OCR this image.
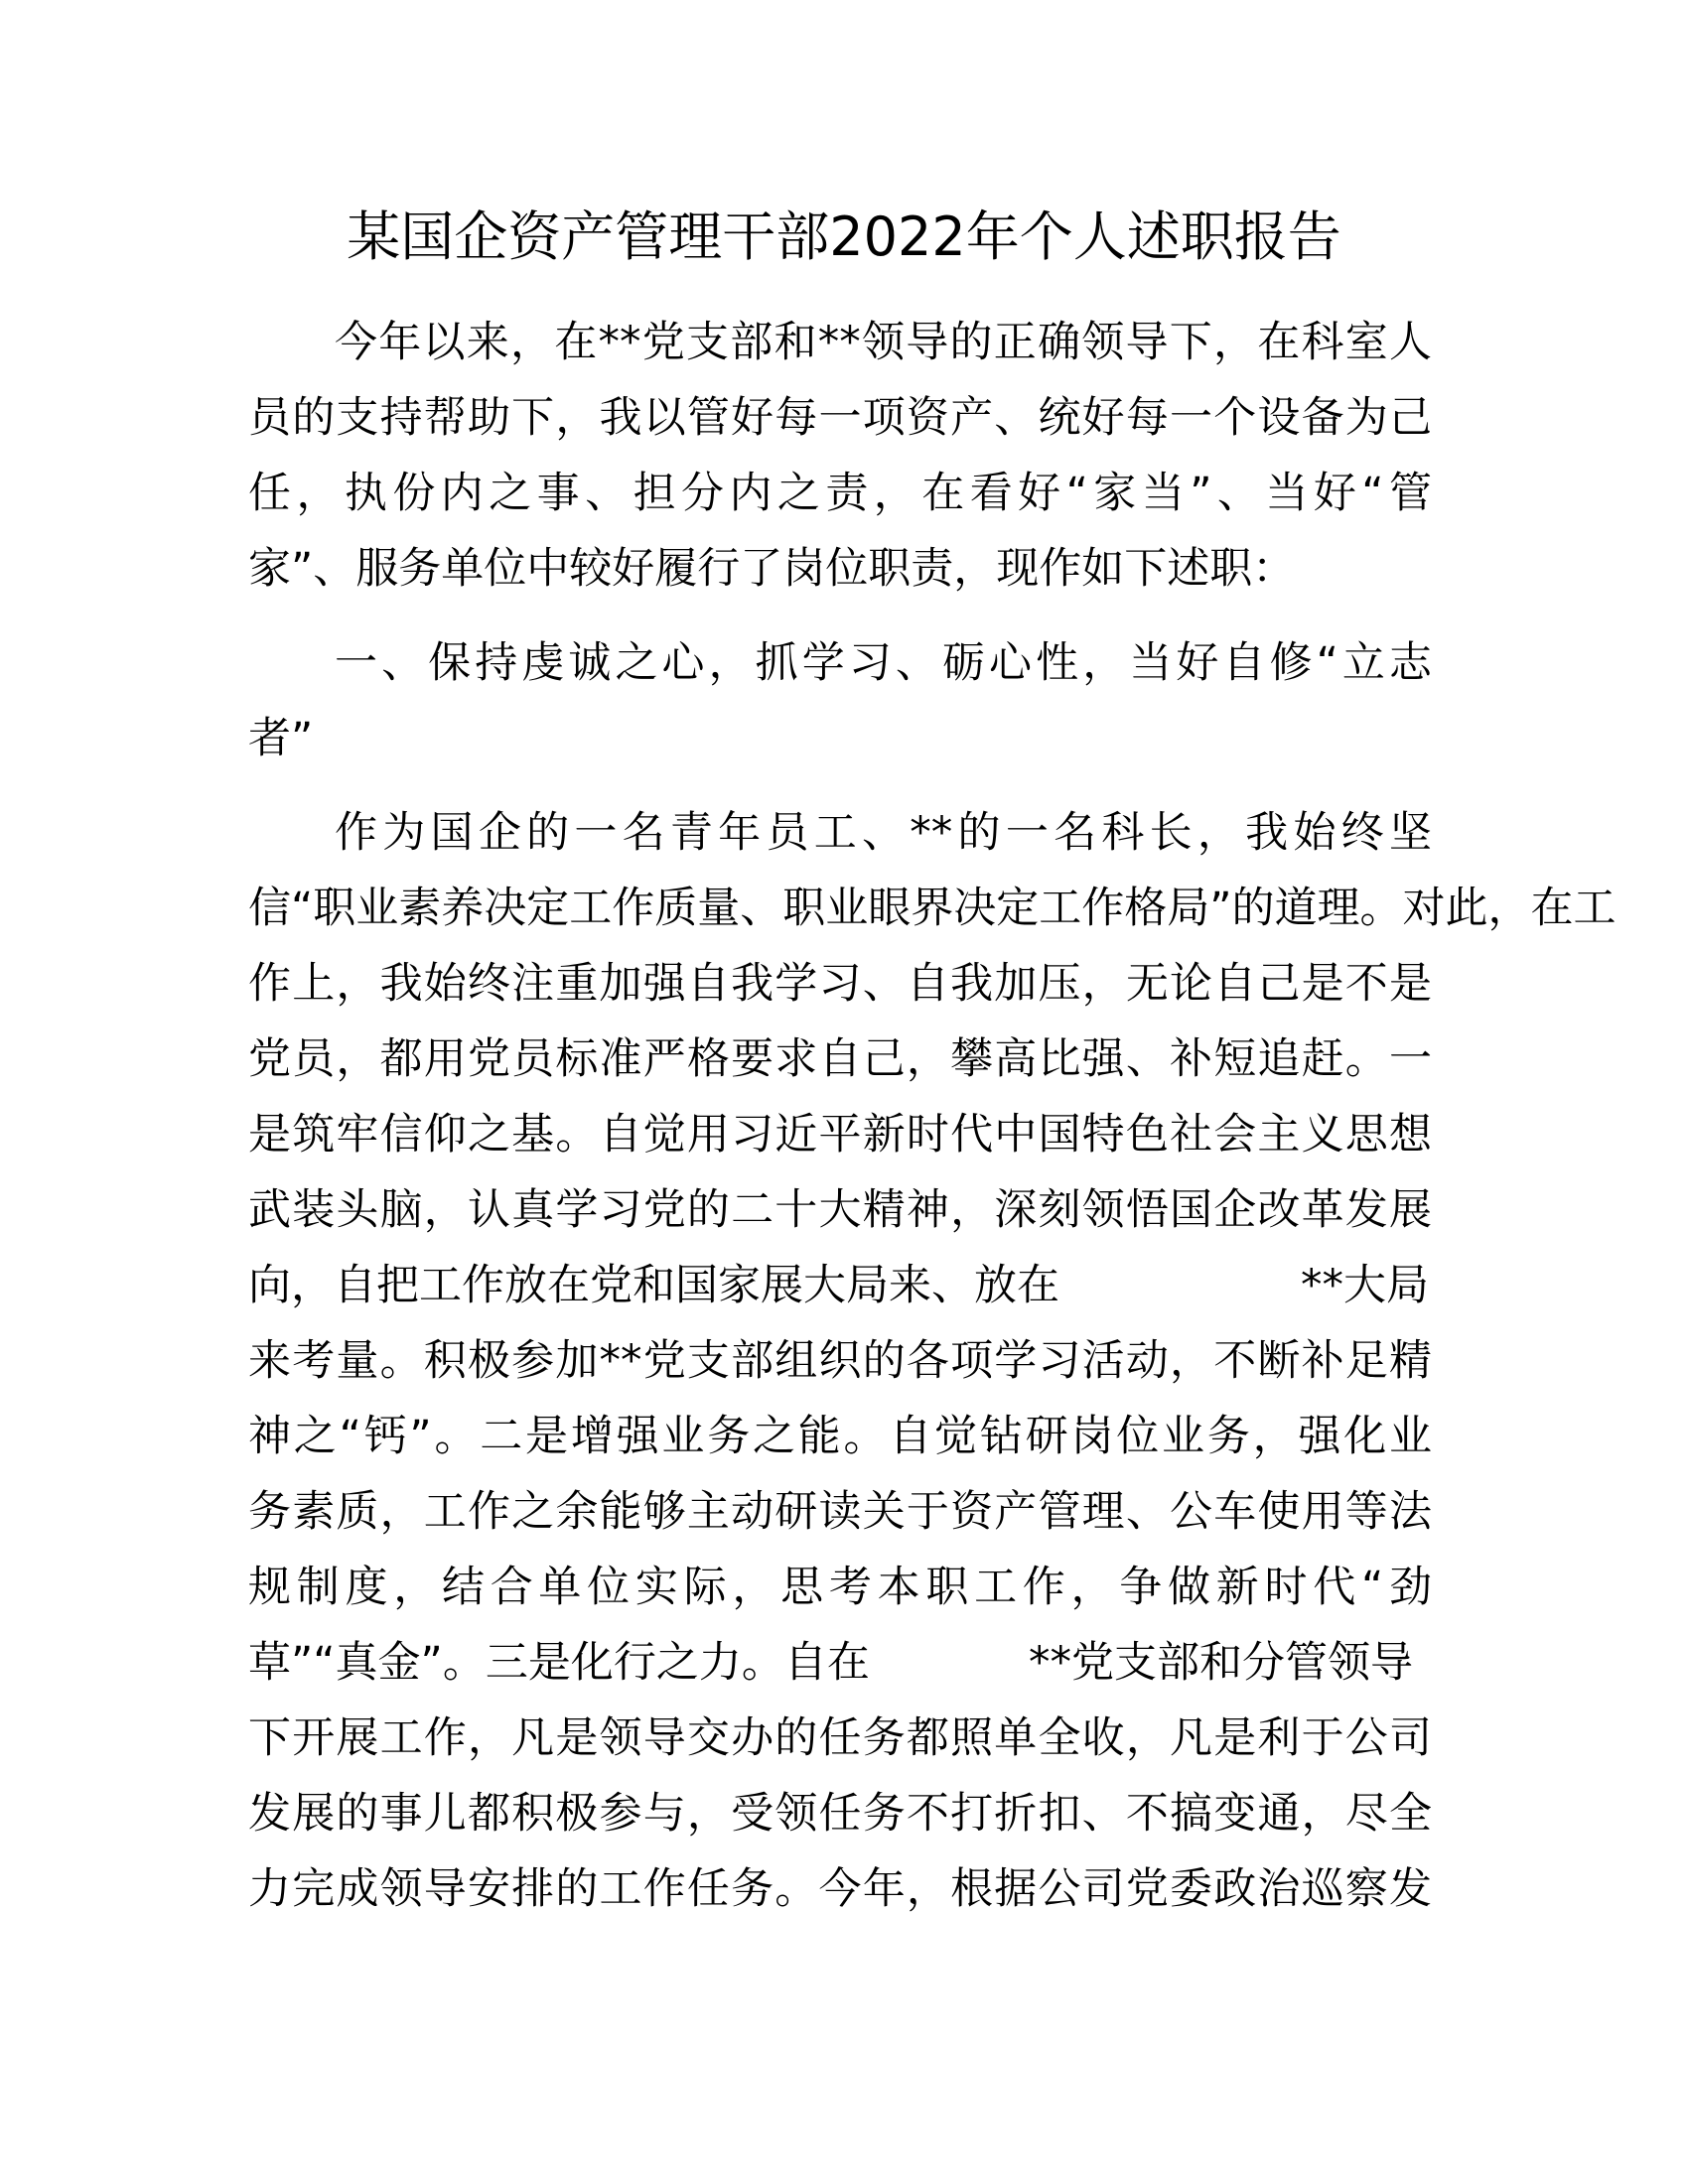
某国企资产管理干部2022年个人述职报告
今年以来，在**党支部和**领导的正确领导下，在科室人
员的支持帮助下，我以管好每一项资产、统好每一个设备为己
任，执份内之事、担分内之责，在看好“家当”、当好“管
家”、服务单位中较好履行了岗位职责，现作如下述职：
一、保持虔诚之心，抓学习、砺心性，当好自修“立志
者”
作为国企的一名青年员工、**的一名科长，我始终坚
信“职业素养决定工作质量、职业眼界决定工作格局”的道理。对此，在工
作上，我始终注重加强自我学习、自我加压，无论自己是不是
党员，都用党员标准严格要求自己，攀高比强、补短追赶。一
是筑牢信仰之基。自觉用习近平新时代中国特色社会主义思想
武装头脑，认真学习党的二十大精神，深刻领悟国企改革发展
向，自把工作放在党和国家展大局来、放在	**大局
来考量。积极参加**党支部组织的各项学习活动，不断补足精
神之“钙”。二是增强业务之能。自觉钻研岗位业务，强化业
务素质，工作之余能够主动研读关于资产管理、公车使用等法
规制度，结合单位实际，思考本职工作，争做新时代“劲
草”“真金”。三是化行之力。自在	**党支部和分管领导
下开展工作，凡是领导交办的任务都照单全收，凡是利于公司
发展的事儿都积极参与，受领任务不打折扣、不搞变通，尽全
力完成领导安排的工作任务。今年，根据公司党委政治巡察发
